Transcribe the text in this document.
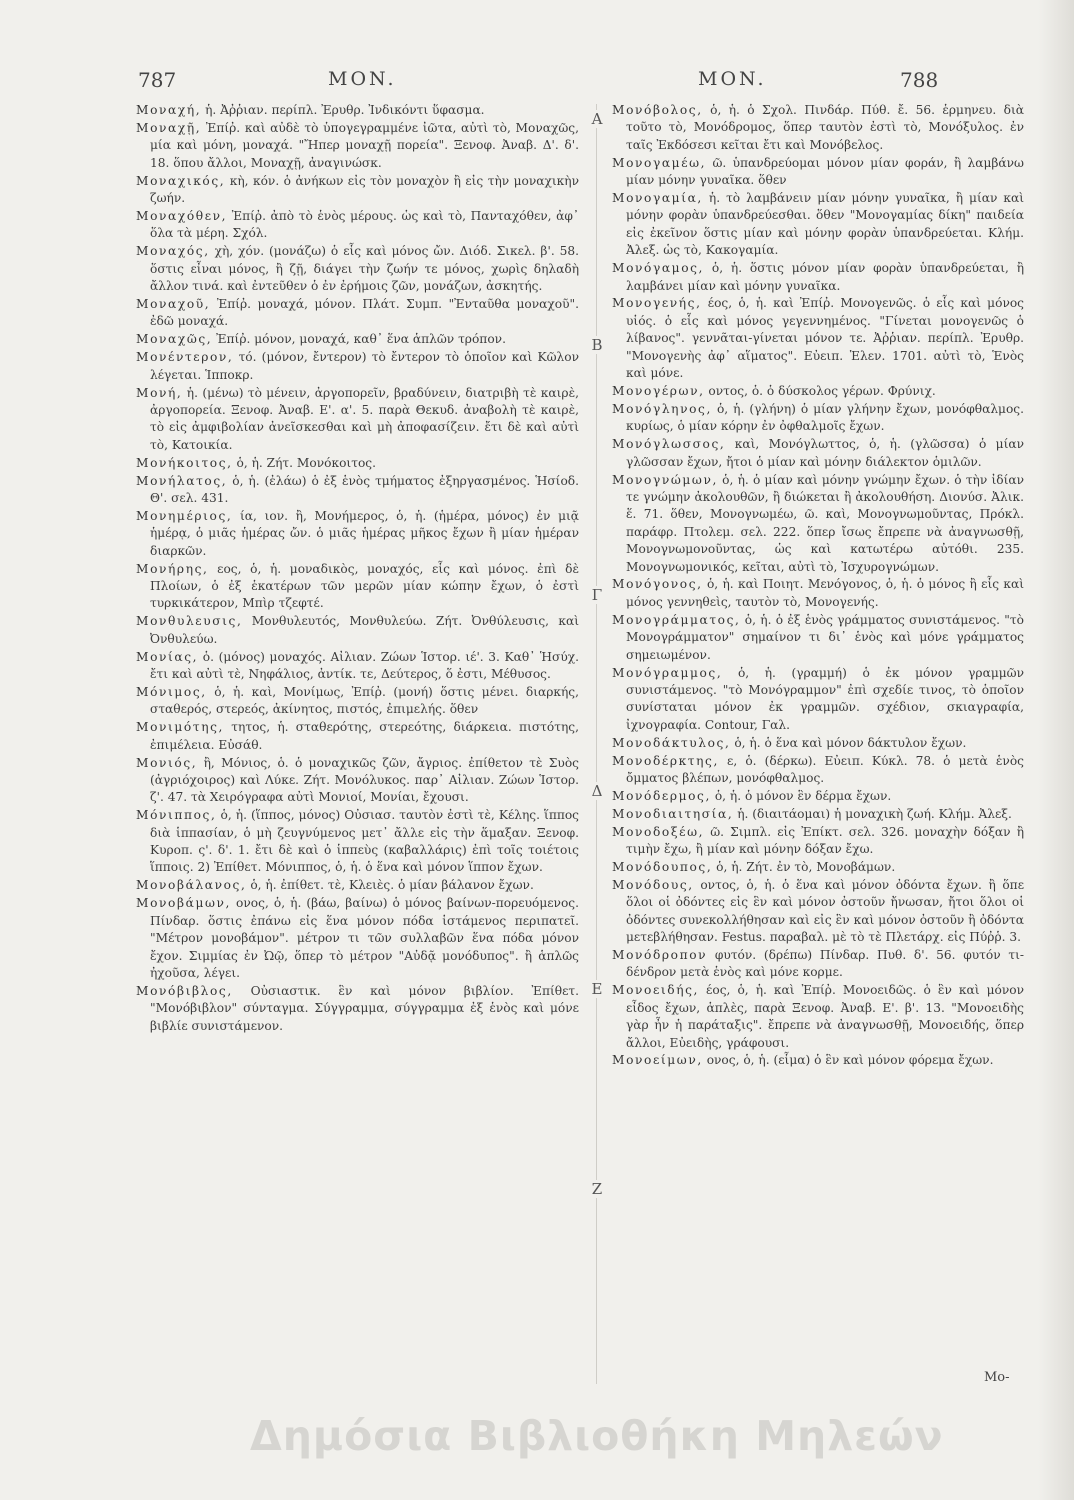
787	MON.	MON.	788
Μοναχή, ἡ. Ἀῤῥιαν. περίπλ. Ἐρυθρ. Ἰνδικόντι ὕφασμα.
Μοναχῇ, Ἐπίῤ. καὶ αὐδὲ τὸ ὑπογεγραμμένε ἰῶτα, αὐτὶ τὸ, Μοναχῶς, μία καὶ μόνη, μοναχά. "Ἤπερ μοναχῇ πορεία". Ξενοφ. Ἀναβ. Δ'. δ'. 18. ὅπου ἄλλοι, Μοναχῇ, ἀναγινώσκ.
Μοναχικός, κὴ, κόν. ὁ ἀνήκων εἰς τὸν μοναχὸν ἢ εἰς τὴν μοναχικὴν ζωήν.
Μοναχόθεν, Ἐπίῤ. ἀπὸ τὸ ἑνὸς μέρους. ὡς καὶ τὸ, Πανταχόθεν, ἀφ᾽ ὅλα τὰ μέρη. Σχόλ.
Μοναχός, χὴ, χόν. (μονάζω) ὁ εἷς καὶ μόνος ὤν. Διόδ. Σικελ. β'. 58. ὅστις εἶναι μόνος, ἢ ζῇ, διάγει τὴν ζωήν τε μόνος, χωρὶς δηλαδὴ ἄλλον τινά. καὶ ἐντεῦθεν ὁ ἐν ἐρήμοις ζῶν, μονάζων, ἀσκητής.
Μοναχοῦ, Ἐπίῤ. μοναχά, μόνον. Πλάτ. Συμπ. "Ἐνταῦθα μοναχοῦ". ἐδῶ μοναχά.
Μοναχῶς, Ἐπίῤ. μόνον, μοναχά, καθ᾽ ἕνα ἁπλῶν τρόπον.
Μονέντερον, τό. (μόνον, ἔντερον) τὸ ἔντερον τὸ ὁποῖον καὶ Κῶλον λέγεται. Ἱπποκρ.
Μονή, ἡ. (μένω) τὸ μένειν, ἀργοπορεῖν, βραδύνειν, διατριβὴ τὲ καιρὲ, ἀργοπορεία. Ξενοφ. Ἀναβ. Ε'. α'. 5. παρὰ Θεκυδ. ἀναβολὴ τὲ καιρὲ, τὸ εἰς ἀμφιβολίαν ἀνεῖσκεσθαι καὶ μὴ ἀποφασίζειν. ἔτι δὲ καὶ αὐτὶ τὸ, Κατοικία.
Μονήκοιτος, ὁ, ἡ. Ζήτ. Μονόκοιτος.
Μονήλατος, ὁ, ἡ. (ἐλάω) ὁ ἐξ ἑνὸς τμήματος ἐξηργασμένος. Ἡσίοδ. Θ'. σελ. 431.
Μονημέριος, ία, ιον. ἢ, Μονήμερος, ὁ, ἡ. (ἡμέρα, μόνος) ἐν μιᾷ ἡμέρᾳ, ὁ μιᾶς ἡμέρας ὤν. ὁ μιᾶς ἡμέρας μῆκος ἔχων ἢ μίαν ἡμέραν διαρκῶν.
Μονήρης, εος, ὁ, ἡ. μοναδικὸς, μοναχός, εἷς καὶ μόνος. ἐπὶ δὲ Πλοίων, ὁ ἐξ ἑκατέρων τῶν μερῶν μίαν κώπην ἔχων, ὁ ἐστὶ τυρκικάτερον, Μπὶρ τζεφτέ.
Μονθυλευσις, Μονθυλευτός, Μονθυλεύω. Ζήτ. Ὀνθύλευσις, καὶ Ὀνθυλεύω.
Μονίας, ὁ. (μόνος) μοναχός. Αἰλιαν. Ζώων Ἱστορ. ιέ'. 3. Καθ᾽ Ἡσύχ. ἔτι καὶ αὐτὶ τὲ, Νηφάλιος, ἀντίκ. τε, Δεύτερος, ὅ ἐστι, Μέθυσος.
Μόνιμος, ὁ, ἡ. καὶ, Μονίμως, Ἐπίῤ. (μονή) ὅστις μένει. διαρκής, σταθερός, στερεός, ἀκίνητος, πιστός, ἐπιμελής. ὅθεν
Μονιμότης, τητος, ἡ. σταθερότης, στερεότης, διάρκεια. πιστότης, ἐπιμέλεια. Εὐσάθ.
Μονιός, ἢ, Μόνιος, ὁ. ὁ μοναχικῶς ζῶν, ἄγριος. ἐπίθετον τὲ Συὸς (ἀγριόχοιρος) καὶ Λύκε. Ζήτ. Μονόλυκος. παρ᾽ Αἰλιαν. Ζώων Ἱστορ. ζ'. 47. τὰ Χειρόγραφα αὐτὶ Μονιοί, Μονίαι, ἔχουσι.
Μόνιππος, ὁ, ἡ. (ἵππος, μόνος) Οὐσιασ. ταυτὸν ἐστὶ τὲ, Κέλης. ἵππος διὰ ἱππασίαν, ὁ μὴ ζευγνύμενος μετ᾽ ἄλλε εἰς τὴν ἅμαξαν. Ξενοφ. Κυροπ. ς'. δ'. 1. ἔτι δὲ καὶ ὁ ἱππεὺς (καβαλλάρις) ἐπὶ τοῖς τοιέτοις ἵπποις. 2) Ἐπίθετ. Μόνιππος, ὁ, ἡ. ὁ ἕνα καὶ μόνον ἵππον ἔχων.
Μονοβάλανος, ὁ, ἡ. ἐπίθετ. τὲ, Κλειὲς. ὁ μίαν βάλανον ἔχων.
Μονοβάμων, ονος, ὁ, ἡ. (βάω, βαίνω) ὁ μόνος βαίνων-πορευόμενος. Πίνδαρ. ὅστις ἐπάνω εἰς ἕνα μόνον πόδα ἱστάμενος περιπατεῖ. "Μέτρον μονοβάμον". μέτρον τι τῶν συλλαβῶν ἕνα πόδα μόνον ἔχον. Σιμμίας ἐν Ὠῷ, ὅπερ τὸ μέτρον "Αὐδᾷ μονόδυπος". ἢ ἁπλῶς ἠχοῦσα, λέγει.
Μονόβιβλος, Οὐσιαστικ. ἓν καὶ μόνον βιβλίον. Ἐπίθετ. "Μονόβιβλον" σύνταγμα. Σύγγραμμα, σύγγραμμα ἐξ ἑνὸς καὶ μόνε βιβλίε συνιστάμενον.
Α
Β
Γ
Δ
Ε
Ζ
Μονόβολος, ὁ, ἡ. ὁ Σχολ. Πινδάρ. Πύθ. ἔ. 56. ἑρμηνευ. διὰ τοῦτο τὸ, Μονόδρομος, ὅπερ ταυτὸν ἐστὶ τὸ, Μονόξυλος. ἐν ταῖς Ἐκδόσεσι κεῖται ἔτι καὶ Μονόβελος.
Μονογαμέω, ῶ. ὑπανδρεύομαι μόνον μίαν φοράν, ἢ λαμβάνω μίαν μόνην γυναῖκα. ὅθεν
Μονογαμία, ἡ. τὸ λαμβάνειν μίαν μόνην γυναῖκα, ἢ μίαν καὶ μόνην φορὰν ὑπανδρεύεσθαι. ὅθεν "Μονογαμίας δίκη" παιδεία εἰς ἐκεῖνον ὅστις μίαν καὶ μόνην φορὰν ὑπανδρεύεται. Κλήμ. Ἀλεξ. ὡς τὸ, Κακογαμία.
Μονόγαμος, ὁ, ἡ. ὅστις μόνον μίαν φορὰν ὑπανδρεύεται, ἢ λαμβάνει μίαν καὶ μόνην γυναῖκα.
Μονογενής, έος, ὁ, ἡ. καὶ Ἐπίῤ. Μονογενῶς. ὁ εἷς καὶ μόνος υἱός. ὁ εἷς καὶ μόνος γεγεννημένος. "Γίνεται μονογενῶς ὁ λίβανος". γεννᾶται-γίνεται μόνον τε. Ἀῤῥιαν. περίπλ. Ἐρυθρ. "Μονογενὴς ἀφ᾽ αἵματος". Εὐειπ. Ἑλεν. 1701. αὐτὶ τὸ, Ἑνὸς καὶ μόνε.
Μονογέρων, οντος, ὁ. ὁ δύσκολος γέρων. Φρύνιχ.
Μονόγληνος, ὁ, ἡ. (γλήνη) ὁ μίαν γλήνην ἔχων, μονόφθαλμος. κυρίως, ὁ μίαν κόρην ἐν ὀφθαλμοῖς ἔχων.
Μονόγλωσσος, καὶ, Μονόγλωττος, ὁ, ἡ. (γλῶσσα) ὁ μίαν γλῶσσαν ἔχων, ἤτοι ὁ μίαν καὶ μόνην διάλεκτον ὁμιλῶν.
Μονογνώμων, ὁ, ἡ. ὁ μίαν καὶ μόνην γνώμην ἔχων. ὁ τὴν ἰδίαν τε γνώμην ἀκολουθῶν, ἢ διώκεται ἢ ἀκολουθήση. Διονύσ. Ἀλικ. ἕ. 71. ὅθεν, Μονογνωμέω, ῶ. καὶ, Μονογνωμοῦντας, Πρόκλ. παράφρ. Πτολεμ. σελ. 222. ὅπερ ἴσως ἔπρεπε νὰ ἀναγνωσθῇ, Μονογνωμονοῦντας, ὡς καὶ κατωτέρω αὐτόθι. 235. Μονογνωμονικός, κεῖται, αὐτὶ τὸ, Ἰσχυρογνώμων.
Μονόγονος, ὁ, ἡ. καὶ Ποιητ. Μενόγονος, ὁ, ἡ. ὁ μόνος ἢ εἷς καὶ μόνος γεννηθεὶς, ταυτὸν τὸ, Μονογενής.
Μονογράμματος, ὁ, ἡ. ὁ ἐξ ἑνὸς γράμματος συνιστάμενος. "τὸ Μονογράμματον" σημαίνον τι δι᾽ ἑνὸς καὶ μόνε γράμματος σημειωμένον.
Μονόγραμμος, ὁ, ἡ. (γραμμή) ὁ ἐκ μόνον γραμμῶν συνιστάμενος. "τὸ Μονόγραμμον" ἐπὶ σχεδίε τινος, τὸ ὁποῖον συνίσταται μόνον ἐκ γραμμῶν. σχέδιον, σκιαγραφία, ἰχνογραφία. Contour, Γαλ.
Μονοδάκτυλος, ὁ, ἡ. ὁ ἕνα καὶ μόνον δάκτυλον ἔχων.
Μονοδέρκτης, ε, ὁ. (δέρκω). Εὐειπ. Κύκλ. 78. ὁ μετὰ ἑνὸς ὄμματος βλέπων, μονόφθαλμος.
Μονόδερμος, ὁ, ἡ. ὁ μόνον ἓν δέρμα ἔχων.
Μονοδιαιτησία, ἡ. (διαιτάομαι) ἡ μοναχικὴ ζωή. Κλήμ. Ἀλεξ.
Μονοδοξέω, ῶ. Σιμπλ. εἰς Ἐπίκτ. σελ. 326. μοναχὴν δόξαν ἢ τιμὴν ἔχω, ἢ μίαν καὶ μόνην δόξαν ἔχω.
Μονόδουπος, ὁ, ἡ. Ζήτ. ἐν τὸ, Μονοβάμων.
Μονόδους, οντος, ὁ, ἡ. ὁ ἕνα καὶ μόνον ὀδόντα ἔχων. ἢ ὅπε ὅλοι οἱ ὀδόντες εἰς ἓν καὶ μόνον ὀστοῦν ἤνωσαν, ἤτοι ὅλοι οἱ ὀδόντες συνεκολλήθησαν καὶ εἰς ἓν καὶ μόνον ὀστοῦν ἢ ὀδόντα μετεβλήθησαν. Festus. παραβαλ. μὲ τὸ τὲ Πλετάρχ. εἰς Πύῤῥ. 3.
Μονόδροπον φυτόν. (δρέπω) Πίνδαρ. Πυθ. δ'. 56. φυτόν τι-δένδρον μετὰ ἑνὸς καὶ μόνε κορμε.
Μονοειδής, έος, ὁ, ἡ. καὶ Ἐπίῤ. Μονοειδῶς. ὁ ἓν καὶ μόνον εἶδος ἔχων, ἁπλὲς, παρὰ Ξενοφ. Ἀναβ. Ε'. β'. 13. "Μονοειδὴς γὰρ ἦν ἡ παράταξις". ἔπρεπε νὰ ἀναγνωσθῇ, Μονοειδής, ὅπερ ἄλλοι, Εὐειδὴς, γράφουσι.
Μονοείμων, ονος, ὁ, ἡ. (εἷμα) ὁ ἓν καὶ μόνον φόρεμα ἔχων.
Μο-
Δημόσια Βιβλιοθήκη Μηλεών
